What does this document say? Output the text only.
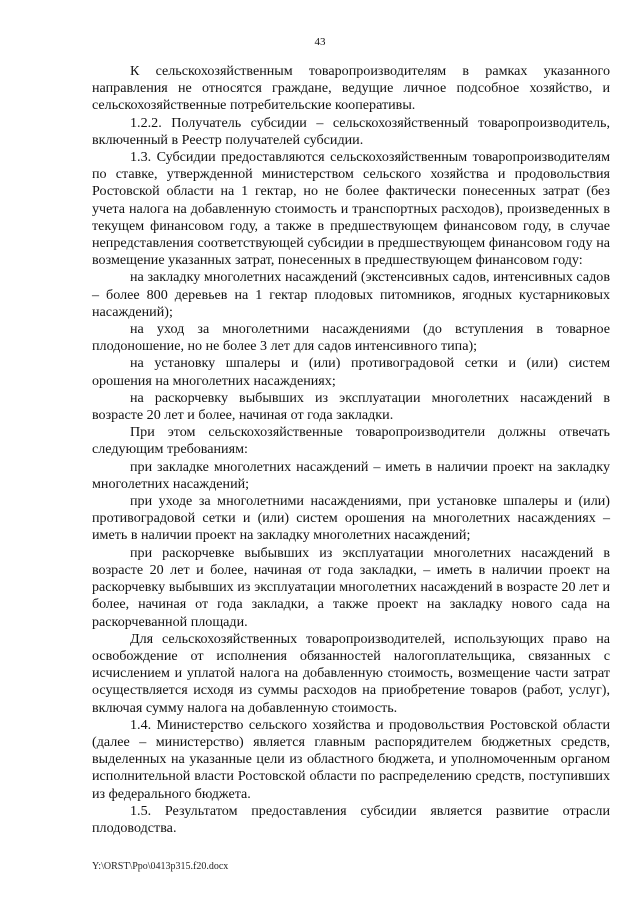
43

К сельскохозяйственным товаропроизводителям в рамках указанного направления не относятся граждане, ведущие личное подсобное хозяйство, и сельскохозяйственные потребительские кооперативы.

1.2.2. Получатель субсидии – сельскохозяйственный товаропроизводитель, включенный в Реестр получателей субсидии.

1.3. Субсидии предоставляются сельскохозяйственным товаропроизводителям по ставке, утвержденной министерством сельского хозяйства и продовольствия Ростовской области на 1 гектар, но не более фактически понесенных затрат (без учета налога на добавленную стоимость и транспортных расходов), произведенных в текущем финансовом году, а также в предшествующем финансовом году, в случае непредставления соответствующей субсидии в предшествующем финансовом году на возмещение указанных затрат, понесенных в предшествующем финансовом году:

на закладку многолетних насаждений (экстенсивных садов, интенсивных садов – более 800 деревьев на 1 гектар плодовых питомников, ягодных кустарниковых насаждений);

на уход за многолетними насаждениями (до вступления в товарное плодоношение, но не более 3 лет для садов интенсивного типа);

на установку шпалеры и (или) противоградовой сетки и (или) систем орошения на многолетних насаждениях;

на раскорчевку выбывших из эксплуатации многолетних насаждений в возрасте 20 лет и более, начиная от года закладки.

При этом сельскохозяйственные товаропроизводители должны отвечать следующим требованиям:

при закладке многолетних насаждений – иметь в наличии проект на закладку многолетних насаждений;

при уходе за многолетними насаждениями, при установке шпалеры и (или) противоградовой сетки и (или) систем орошения на многолетних насаждениях – иметь в наличии проект на закладку многолетних насаждений;

при раскорчевке выбывших из эксплуатации многолетних насаждений в возрасте 20 лет и более, начиная от года закладки, – иметь в наличии проект на раскорчевку выбывших из эксплуатации многолетних насаждений в возрасте 20 лет и более, начиная от года закладки, а также проект на закладку нового сада на раскорчеванной площади.

Для сельскохозяйственных товаропроизводителей, использующих право на освобождение от исполнения обязанностей налогоплательщика, связанных с исчислением и уплатой налога на добавленную стоимость, возмещение части затрат осуществляется исходя из суммы расходов на приобретение товаров (работ, услуг), включая сумму налога на добавленную стоимость.

1.4. Министерство сельского хозяйства и продовольствия Ростовской области (далее – министерство) является главным распорядителем бюджетных средств, выделенных на указанные цели из областного бюджета, и уполномоченным органом исполнительной власти Ростовской области по распределению средств, поступивших из федерального бюджета.

1.5. Результатом предоставления субсидии является развитие отрасли плодоводства.

Y:\ORST\Ppo\0413p315.f20.docx
